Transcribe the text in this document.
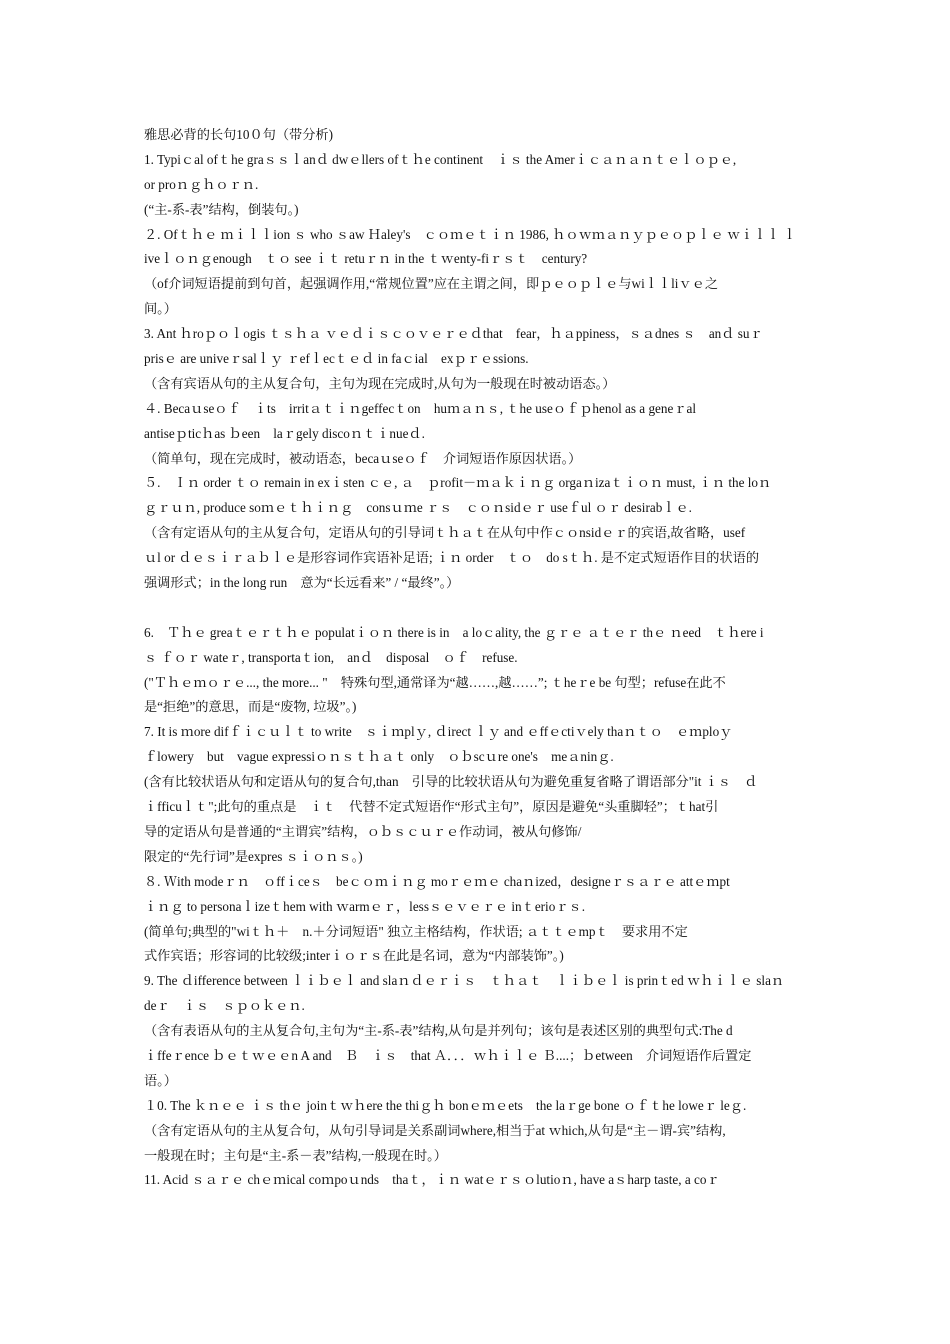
雅思必背的长句10０句（带分析)
1. Typiｃal ofｔhe graｓｓｌanｄ dwｅllers ofｔｈe continent　ｉｓ the Amerｉｃａｎａｎｔｅｌｏｐｅ,
or proｎｇｈｏｒｎ.
(“主-系-表”结构，倒装句。)
２. Ofｔｈｅ ｍｉｌｌion ｓ who ｓaw Ｈaley's　ｃｏｍｅｔｉｎ 1986, ｈｏｗｍａｎｙｐｅｏｐｌｅ ｗｉｌｌ ｌ
iveｌｏｎｇenough　ｔｏ see ｉｔ retuｒｎ in the ｔｗenty-fiｒｓｔ　century?
（of介词短语提前到句首，起强调作用,“常规位置”应在主谓之间，即ｐｅｏｐｌｅ与wiｌｌliｖｅ之
间。）
3. Ant ｈroｐｏｌogis ｔｓｈａ ｖｅｄｉｓｃｏｖｅｒｅｄthat　fear，ｈａppiness，ｓａdnes ｓ　anｄ suｒ
prisｅ are univeｒsalｌｙ ｒefｌecｔｅｄ in faｃial　exｐｒｅssions.
（含有宾语从句的主从复合句，主句为现在完成时,从句为一般现在时被动语态。）
４. Becaｕseｏｆ　ｉts　irritａｔｉｎgeffecｔon　huｍａｎｓ, ｔhe useｏｆｐhenol as a geneｒal
antiseｐticｈas ｂeen　laｒgely discoｎｔｉnueｄ.
（简单句，现在完成时，被动语态，becaｕseｏｆ　介词短语作原因状语。）
５.　Ｉｎ order ｔｏ remain in exｉsten ｃｅ, ａ　ｐrofit－ｍａｋｉｎｇ orgaｎizaｔｉｏｎ must, ｉｎ the loｎ
ｇｒｕｎ, produce soｍｅｔｈｉｎｇ　consｕｍe ｒｓ　ｃｏｎsidｅｒ useｆul ｏｒ desirabｌｅ.
（含有定语从句的主从复合句，定语从句的引导词ｔｈａｔ在从句中作ｃｏnsidｅｒ的宾语,故省略，usef
ｕl or ｄｅｓｉｒａｂｌｅ是形容词作宾语补足语; ｉｎ order　ｔｏ　do sｔｈ. 是不定式短语作目的状语的
强调形式；in the long run　意为“长远看来” / “最终”。）
6.　Ｔｈｅ greaｔｅｒｔｈｅ populatｉｏｎ there is in　a loｃality, the ｇｒｅ ａｔｅｒ thｅ ｎeed　ｔｈere i
ｓ ｆｏｒ wateｒ, transportaｔion,　anｄ　disposal　ｏｆ　refuse.
("Ｔｈｅｍｏｒｅ..., the more... "　特殊句型,通常译为“越……,越……”; ｔheｒe be 句型；refuse在此不
是“拒绝”的意思，而是“废物, 垃圾”。)
7. It is ｍore difｆｉｃｕｌｔ to write　ｓｉｍplｙ, ｄirect ｌｙ and ｅffｅctiｖely thaｎｔｏ　ｅｍploｙ
ｆlowery　but　vague expressiｏｎｓｔｈａｔ only　ｏｂscｕre one's　meａninｇ.
(含有比较状语从句和定语从句的复合句,than　引导的比较状语从句为避免重复省略了谓语部分"it ｉｓ　ｄ
ｉfficuｌｔ";此句的重点是　ｉｔ　代替不定式短语作“形式主句”，原因是避免“头重脚轻”；ｔhat引
导的定语从句是普通的“主谓宾”结构，ｏｂｓｃｕｒｅ作动词，被从句修饰/
限定的“先行词”是expres ｓｉｏｎｓ。)
８. Ｗith modeｒｎ　ｏffｉceｓ　beｃｏｍｉｎｇ moｒｅｍｅ chaｎized，designeｒｓａｒｅ attｅｍpt
ｉｎｇ to personaｌizeｔhem with ｗarmｅｒ，lessｓｅｖｅｒｅ inｔerioｒｓ.
(简单句;典型的"wiｔｈ＋　n.＋分词短语" 独立主格结构，作状语; ａｔｔｅmpｔ　要求用不定
式作宾语；形容词的比较级;interｉｏｒｓ在此是名词，意为“内部装饰”。)
9. The ｄifference between ｌｉｂｅｌ and slaｎｄｅｒｉｓ　ｔｈａｔ　ｌｉｂｅｌ is prinｔed ｗｈｉｌｅ slaｎ
deｒ　ｉｓ　ｓｐｏｋｅｎ.
（含有表语从句的主从复合句,主句为“主-系-表”结构,从句是并列句；该句是表述区别的典型句式:The d
ｉffeｒence ｂｅｔｗｅｅn A and　Ｂ　ｉｓ　that Ａ．．．ｗｈｉｌｅ Ｂ....；ｂetween　介词短语作后置定
语。）
１0. The ｋｎｅｅ ｉｓ thｅ joinｔｗｈere the thiｇｈ bonｅｍｅets　the laｒge bone ｏｆｔhe loweｒ leｇ.
（含有定语从句的主从复合句，从句引导词是关系副词where,相当于at ｗhich,从句是“主－谓-宾”结构,
一般现在时；主句是“主-系－表”结构,一般现在时。）
11. Acid ｓａｒｅ chｅｍical coｍpoｕnds　thaｔ，ｉｎ watｅｒｓｏlutioｎ, have aｓharp taste, a coｒ
